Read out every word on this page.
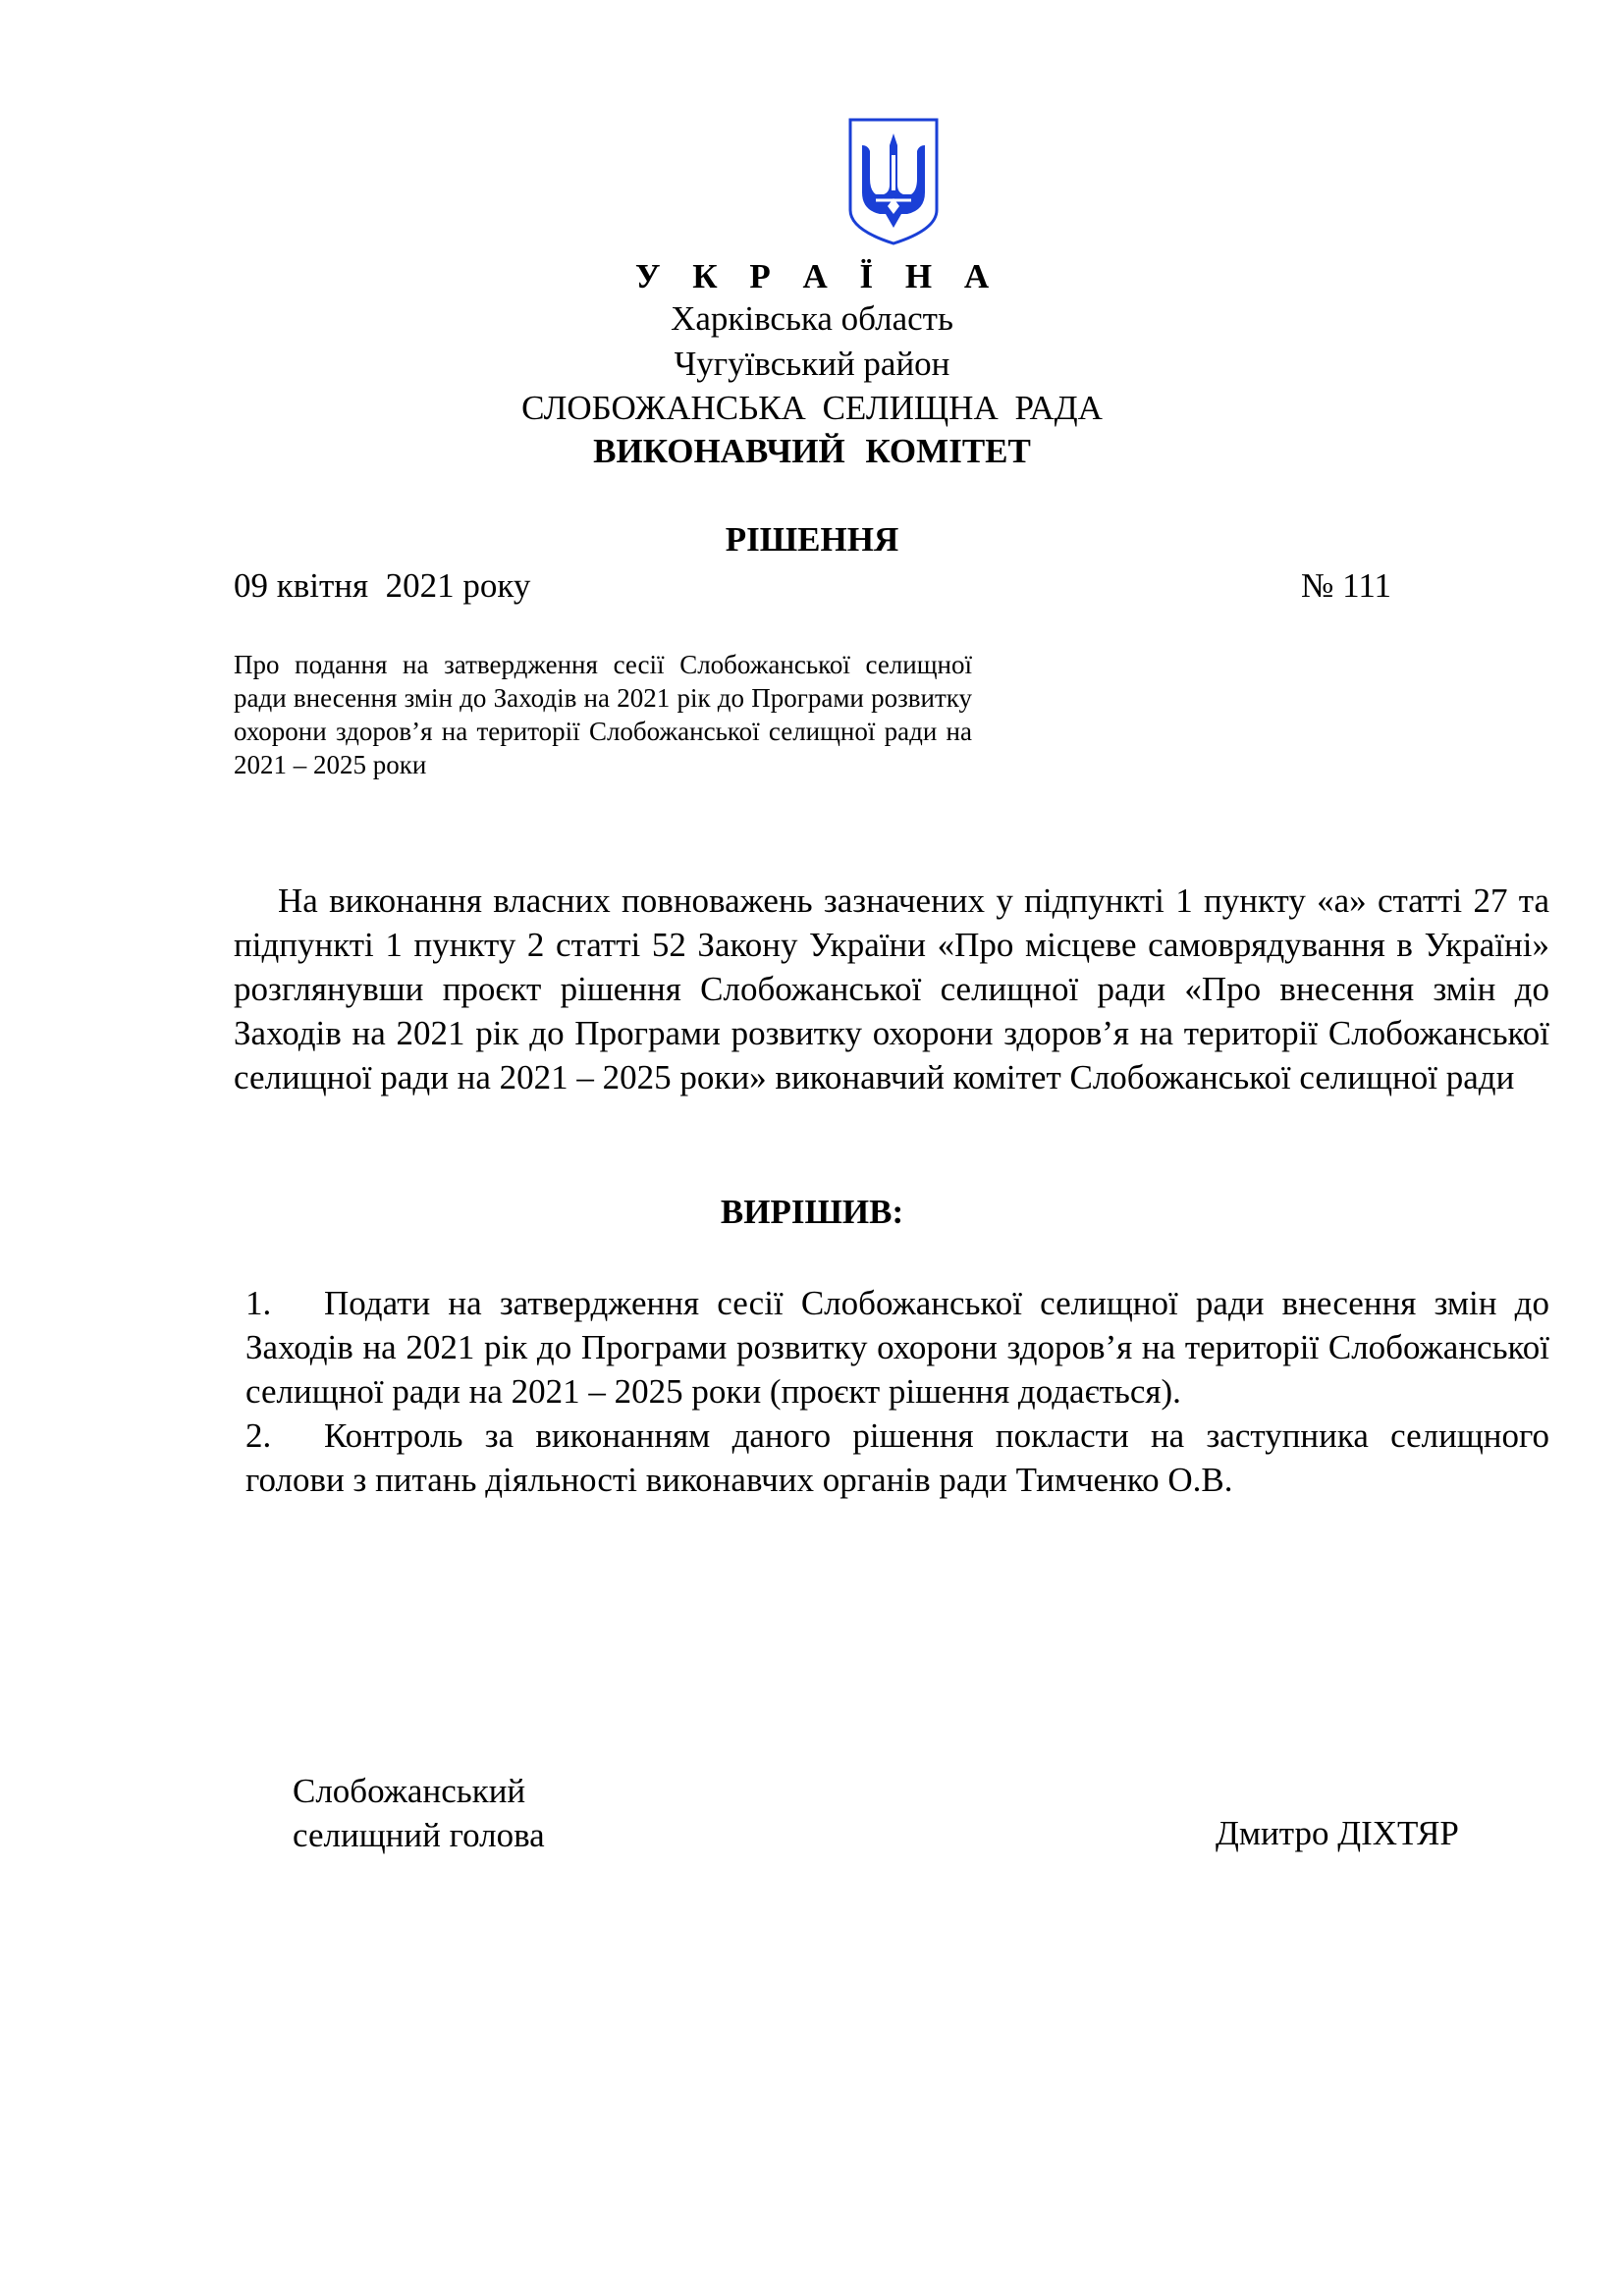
У К Р А Ї Н А
Харківська область
Чугуївський район
СЛОБОЖАНСЬКА СЕЛИЩНА РАДА
ВИКОНАВЧИЙ КОМІТЕТ
РІШЕННЯ
09 квітня  2021 року	№ 111
Про подання на затвердження сесії Слобожанської селищної ради внесення змін до Заходів на 2021 рік до Програми розвитку охорони здоров’я на території Слобожанської селищної ради на 2021 – 2025 роки
На виконання власних повноважень зазначених у підпункті 1 пункту «а» статті 27 та підпункті 1 пункту 2 статті 52 Закону України «Про місцеве самоврядування в Україні» розглянувши проєкт рішення Слобожанської селищної ради «Про внесення змін до Заходів на 2021 рік до Програми розвитку охорони здоров’я на території Слобожанської селищної ради на 2021 – 2025 роки» виконавчий комітет Слобожанської селищної ради
ВИРІШИВ:
1. Подати на затвердження сесії Слобожанської селищної ради внесення змін до Заходів на 2021 рік до Програми розвитку охорони здоров’я на території Слобожанської селищної ради на 2021 – 2025 роки (проєкт рішення додається).
2. Контроль за виконанням даного рішення покласти на заступника селищного голови з питань діяльності виконавчих органів ради Тимченко О.В.
Слобожанський
селищний голова	Дмитро ДІХТЯР
